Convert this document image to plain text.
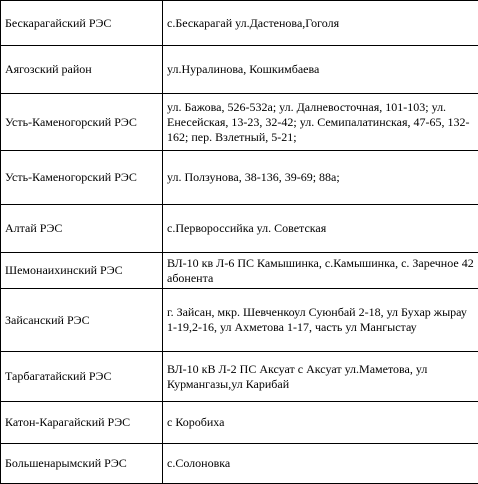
Бескарагайский РЭС	с.Бескарагай ул.Дастенова,Гоголя
Аягозский район	ул.Нуралинова, Кошкимбаева
Усть-Каменогорский РЭС	ул. Бажова, 526-532а; ул. Далневосточная, 101-103; ул. Енесейская, 13-23, 32-42; ул. Семипалатинская, 47-65, 132-162; пер. Взлетный, 5-21;
Усть-Каменогорский РЭС	ул. Ползунова, 38-136, 39-69; 88а;
Алтай РЭС	с.Первороссийка ул. Советская
Шемонаихинский РЭС	ВЛ-10 кв Л-6 ПС Камышинка, с.Камышинка, с. Заречное 42 абонента
Зайсанский РЭС	г. Зайсан, мкр. Шевченкоул Суюнбай 2-18, ул Бухар жырау 1-19,2-16, ул Ахметова 1-17, часть ул Мангыстау
Тарбагатайский РЭС	ВЛ-10 кВ Л-2 ПС Аксуат с Аксуат ул.Маметова, ул Курмангазы,ул Карибай
Катон-Карагайский РЭС	с Коробиха
Большенарымский РЭС	с.Солоновка
